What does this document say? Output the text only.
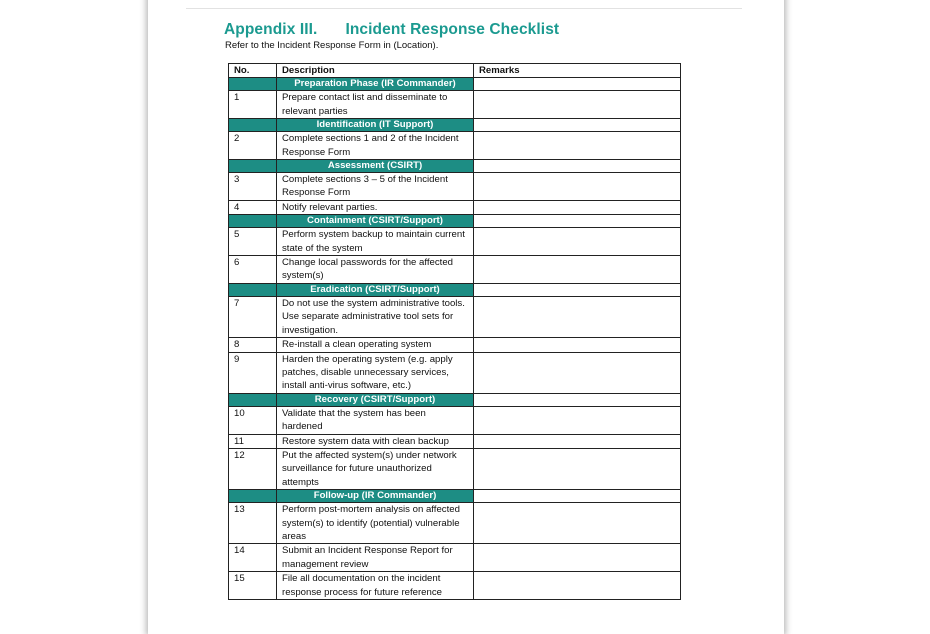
Appendix III. Incident Response Checklist
Refer to the Incident Response Form in (Location).
No.	Description	Remarks
	Preparation Phase (IR Commander)	
1	Prepare contact list and disseminate to relevant parties	
	Identification (IT Support)	
2	Complete sections 1 and 2 of the Incident Response Form	
	Assessment (CSIRT)	
3	Complete sections 3 – 5 of the Incident Response Form	
4	Notify relevant parties.	
	Containment (CSIRT/Support)	
5	Perform system backup to maintain current state of the system	
6	Change local passwords for the affected system(s)	
	Eradication (CSIRT/Support)	
7	Do not use the system administrative tools. Use separate administrative tool sets for investigation.	
8	Re-install a clean operating system	
9	Harden the operating system (e.g. apply patches, disable unnecessary services, install anti-virus software, etc.)	
	Recovery (CSIRT/Support)	
10	Validate that the system has been hardened	
11	Restore system data with clean backup	
12	Put the affected system(s) under network surveillance for future unauthorized attempts	
	Follow-up (IR Commander)	
13	Perform post-mortem analysis on affected system(s) to identify (potential) vulnerable areas	
14	Submit an Incident Response Report for management review	
15	File all documentation on the incident response process for future reference	
